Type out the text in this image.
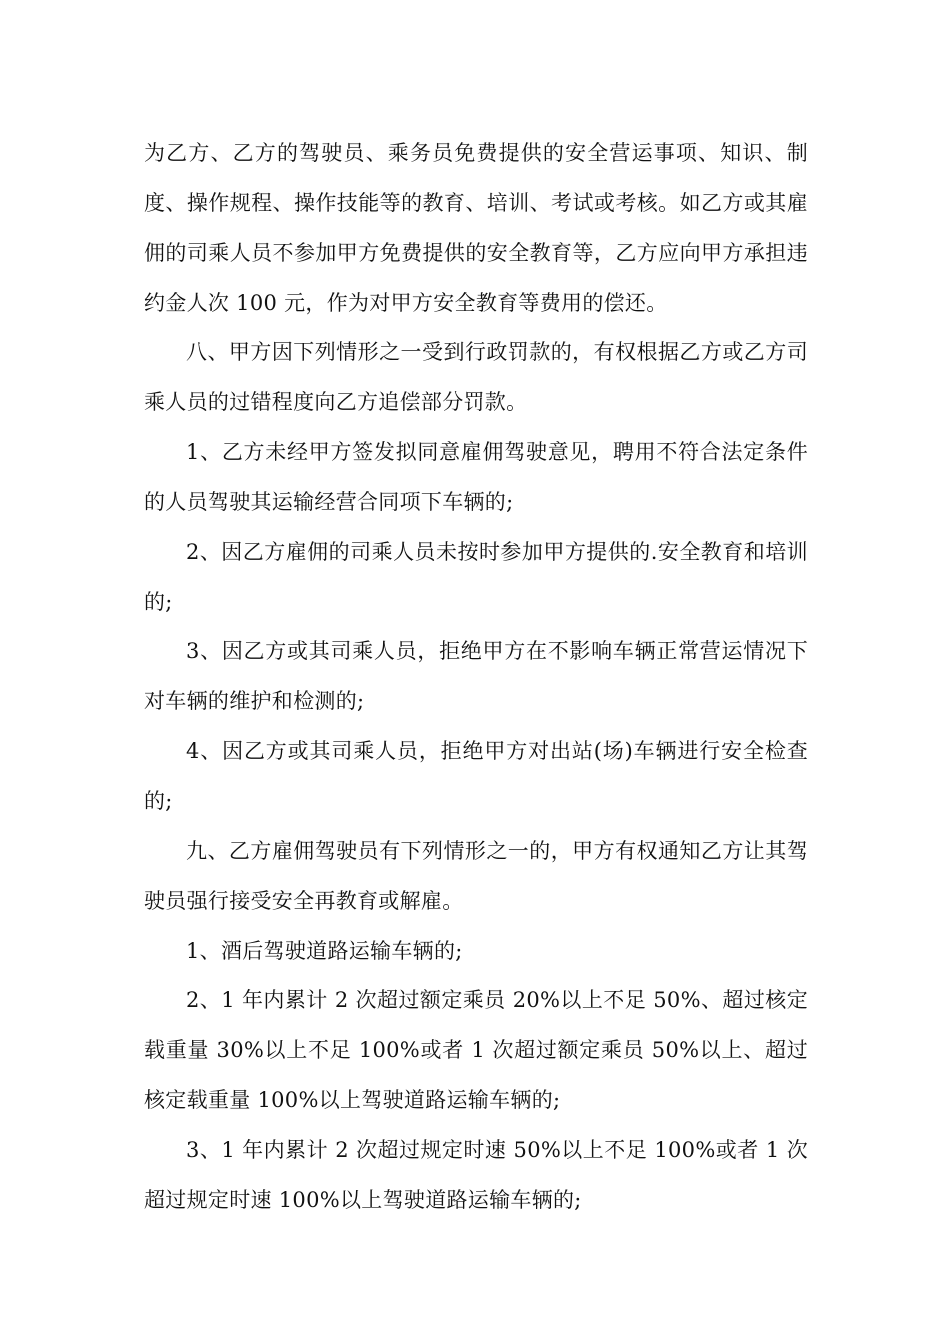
为乙方、乙方的驾驶员、乘务员免费提供的安全营运事项、知识、制度、操作规程、操作技能等的教育、培训、考试或考核。如乙方或其雇佣的司乘人员不参加甲方免费提供的安全教育等，乙方应向甲方承担违约金人次 100 元，作为对甲方安全教育等费用的偿还。

八、甲方因下列情形之一受到行政罚款的，有权根据乙方或乙方司乘人员的过错程度向乙方追偿部分罚款。

1、乙方未经甲方签发拟同意雇佣驾驶意见，聘用不符合法定条件的人员驾驶其运输经营合同项下车辆的;

2、因乙方雇佣的司乘人员未按时参加甲方提供的.安全教育和培训的;

3、因乙方或其司乘人员，拒绝甲方在不影响车辆正常营运情况下对车辆的维护和检测的;

4、因乙方或其司乘人员，拒绝甲方对出站(场)车辆进行安全检查的;

九、乙方雇佣驾驶员有下列情形之一的，甲方有权通知乙方让其驾驶员强行接受安全再教育或解雇。

1、酒后驾驶道路运输车辆的;

2、1 年内累计 2 次超过额定乘员 20%以上不足 50%、超过核定载重量 30%以上不足 100%或者 1 次超过额定乘员 50%以上、超过核定载重量 100%以上驾驶道路运输车辆的;

3、1 年内累计 2 次超过规定时速 50%以上不足 100%或者 1 次超过规定时速 100%以上驾驶道路运输车辆的;
